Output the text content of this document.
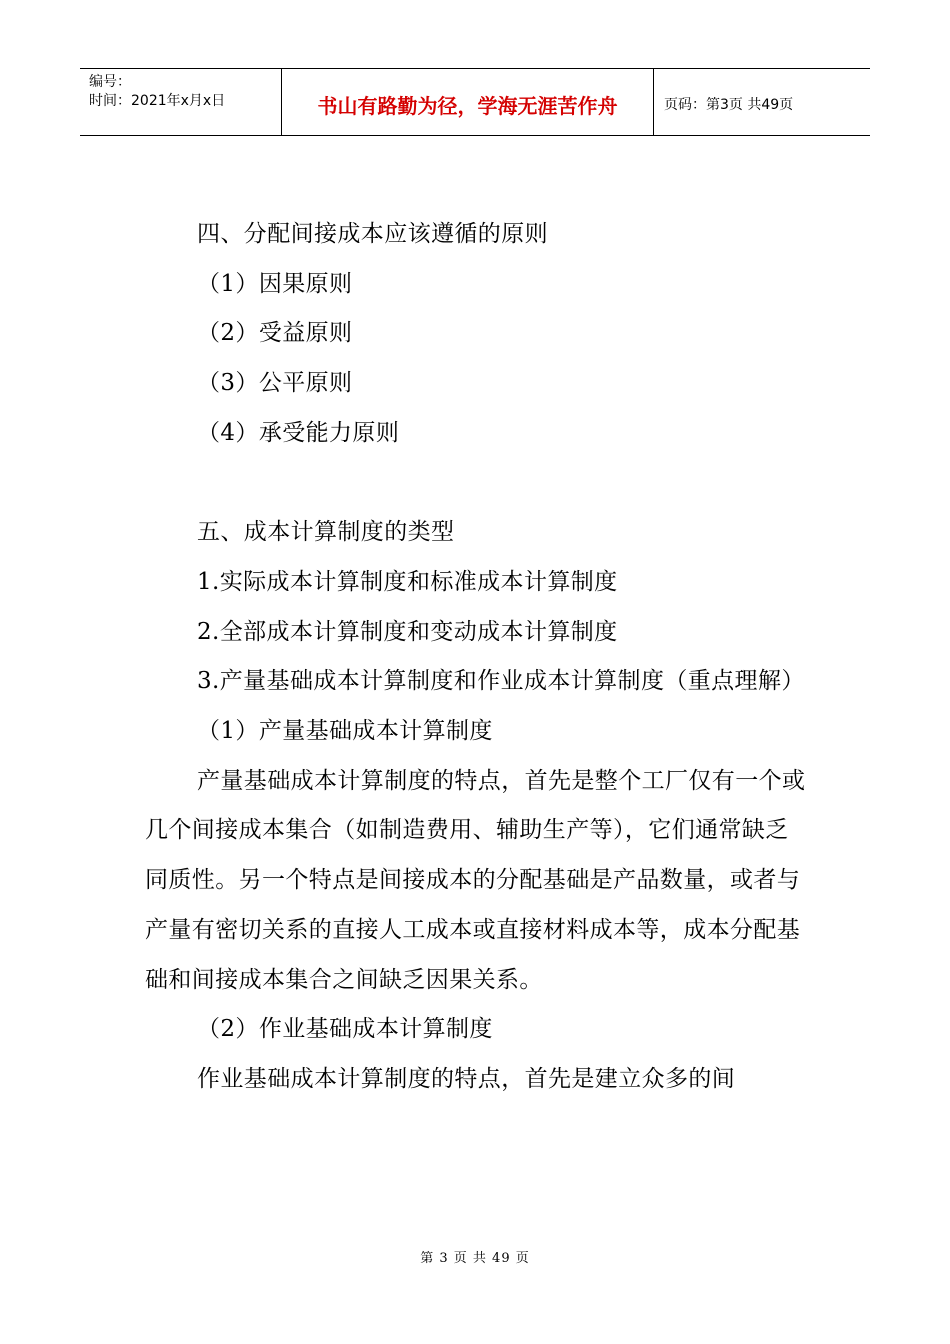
编号：
时间：2021年x月x日	书山有路勤为径，学海无涯苦作舟	页码：第3页 共49页

四、分配间接成本应该遵循的原则

（1）因果原则

（2）受益原则

（3）公平原则

（4）承受能力原则

五、成本计算制度的类型

1.实际成本计算制度和标准成本计算制度

2.全部成本计算制度和变动成本计算制度

3.产量基础成本计算制度和作业成本计算制度（重点理解）

（1）产量基础成本计算制度

产量基础成本计算制度的特点，首先是整个工厂仅有一个或几个间接成本集合（如制造费用、辅助生产等），它们通常缺乏同质性。另一个特点是间接成本的分配基础是产品数量，或者与产量有密切关系的直接人工成本或直接材料成本等，成本分配基础和间接成本集合之间缺乏因果关系。

（2）作业基础成本计算制度

作业基础成本计算制度的特点，首先是建立众多的间

第 3 页 共 49 页
